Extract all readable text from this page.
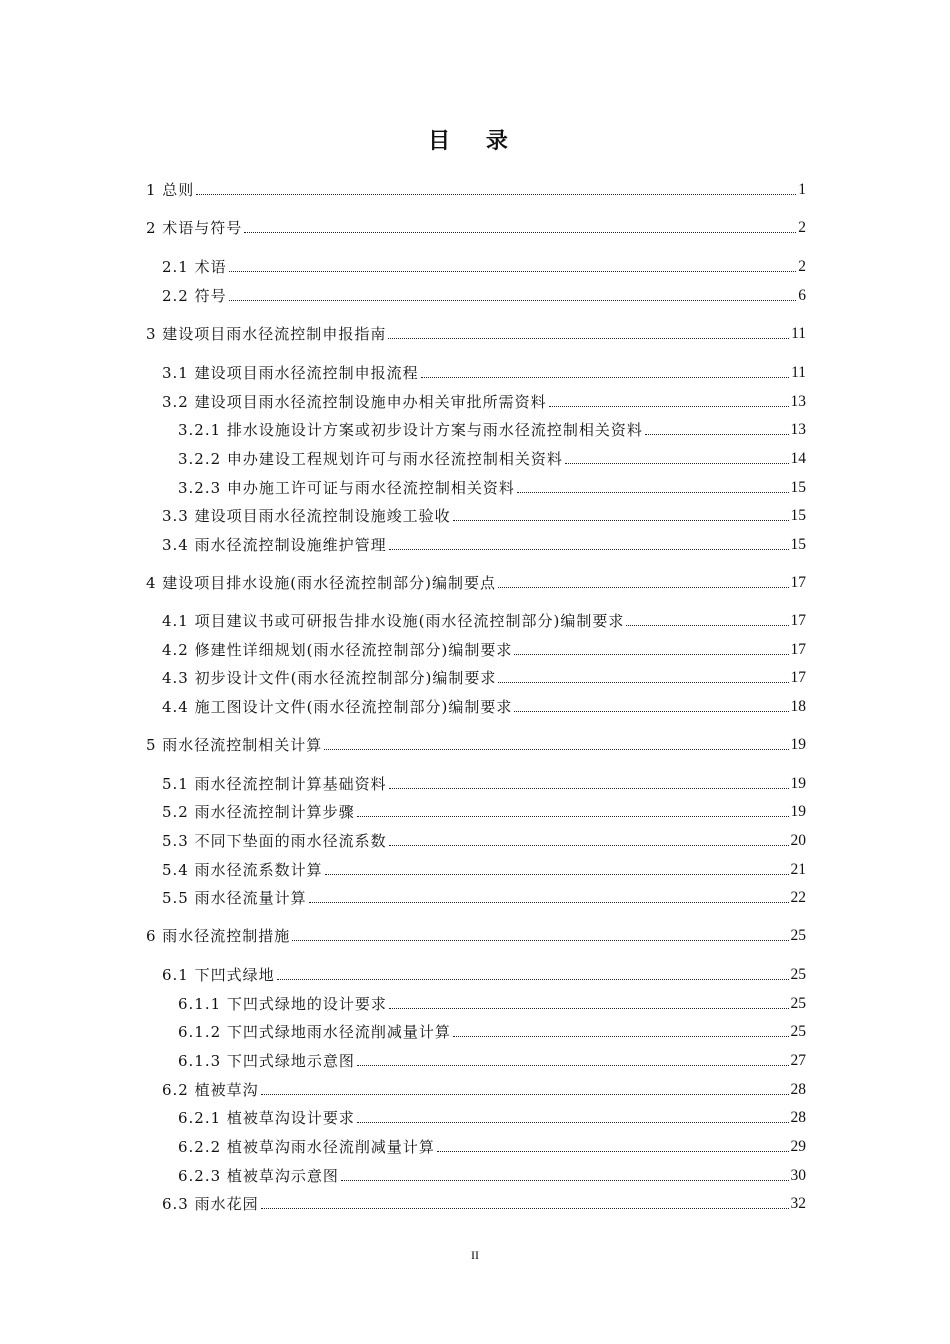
目 录
1 总则	1
2 术语与符号	2
2.1 术语	2
2.2 符号	6
3 建设项目雨水径流控制申报指南	11
3.1 建设项目雨水径流控制申报流程	11
3.2 建设项目雨水径流控制设施申办相关审批所需资料	13
3.2.1 排水设施设计方案或初步设计方案与雨水径流控制相关资料	13
3.2.2 申办建设工程规划许可与雨水径流控制相关资料	14
3.2.3 申办施工许可证与雨水径流控制相关资料	15
3.3 建设项目雨水径流控制设施竣工验收	15
3.4 雨水径流控制设施维护管理	15
4 建设项目排水设施(雨水径流控制部分)编制要点	17
4.1 项目建议书或可研报告排水设施(雨水径流控制部分)编制要求	17
4.2 修建性详细规划(雨水径流控制部分)编制要求	17
4.3 初步设计文件(雨水径流控制部分)编制要求	17
4.4 施工图设计文件(雨水径流控制部分)编制要求	18
5 雨水径流控制相关计算	19
5.1 雨水径流控制计算基础资料	19
5.2 雨水径流控制计算步骤	19
5.3 不同下垫面的雨水径流系数	20
5.4 雨水径流系数计算	21
5.5 雨水径流量计算	22
6 雨水径流控制措施	25
6.1 下凹式绿地	25
6.1.1 下凹式绿地的设计要求	25
6.1.2 下凹式绿地雨水径流削减量计算	25
6.1.3 下凹式绿地示意图	27
6.2 植被草沟	28
6.2.1 植被草沟设计要求	28
6.2.2 植被草沟雨水径流削减量计算	29
6.2.3 植被草沟示意图	30
6.3 雨水花园	32
II
